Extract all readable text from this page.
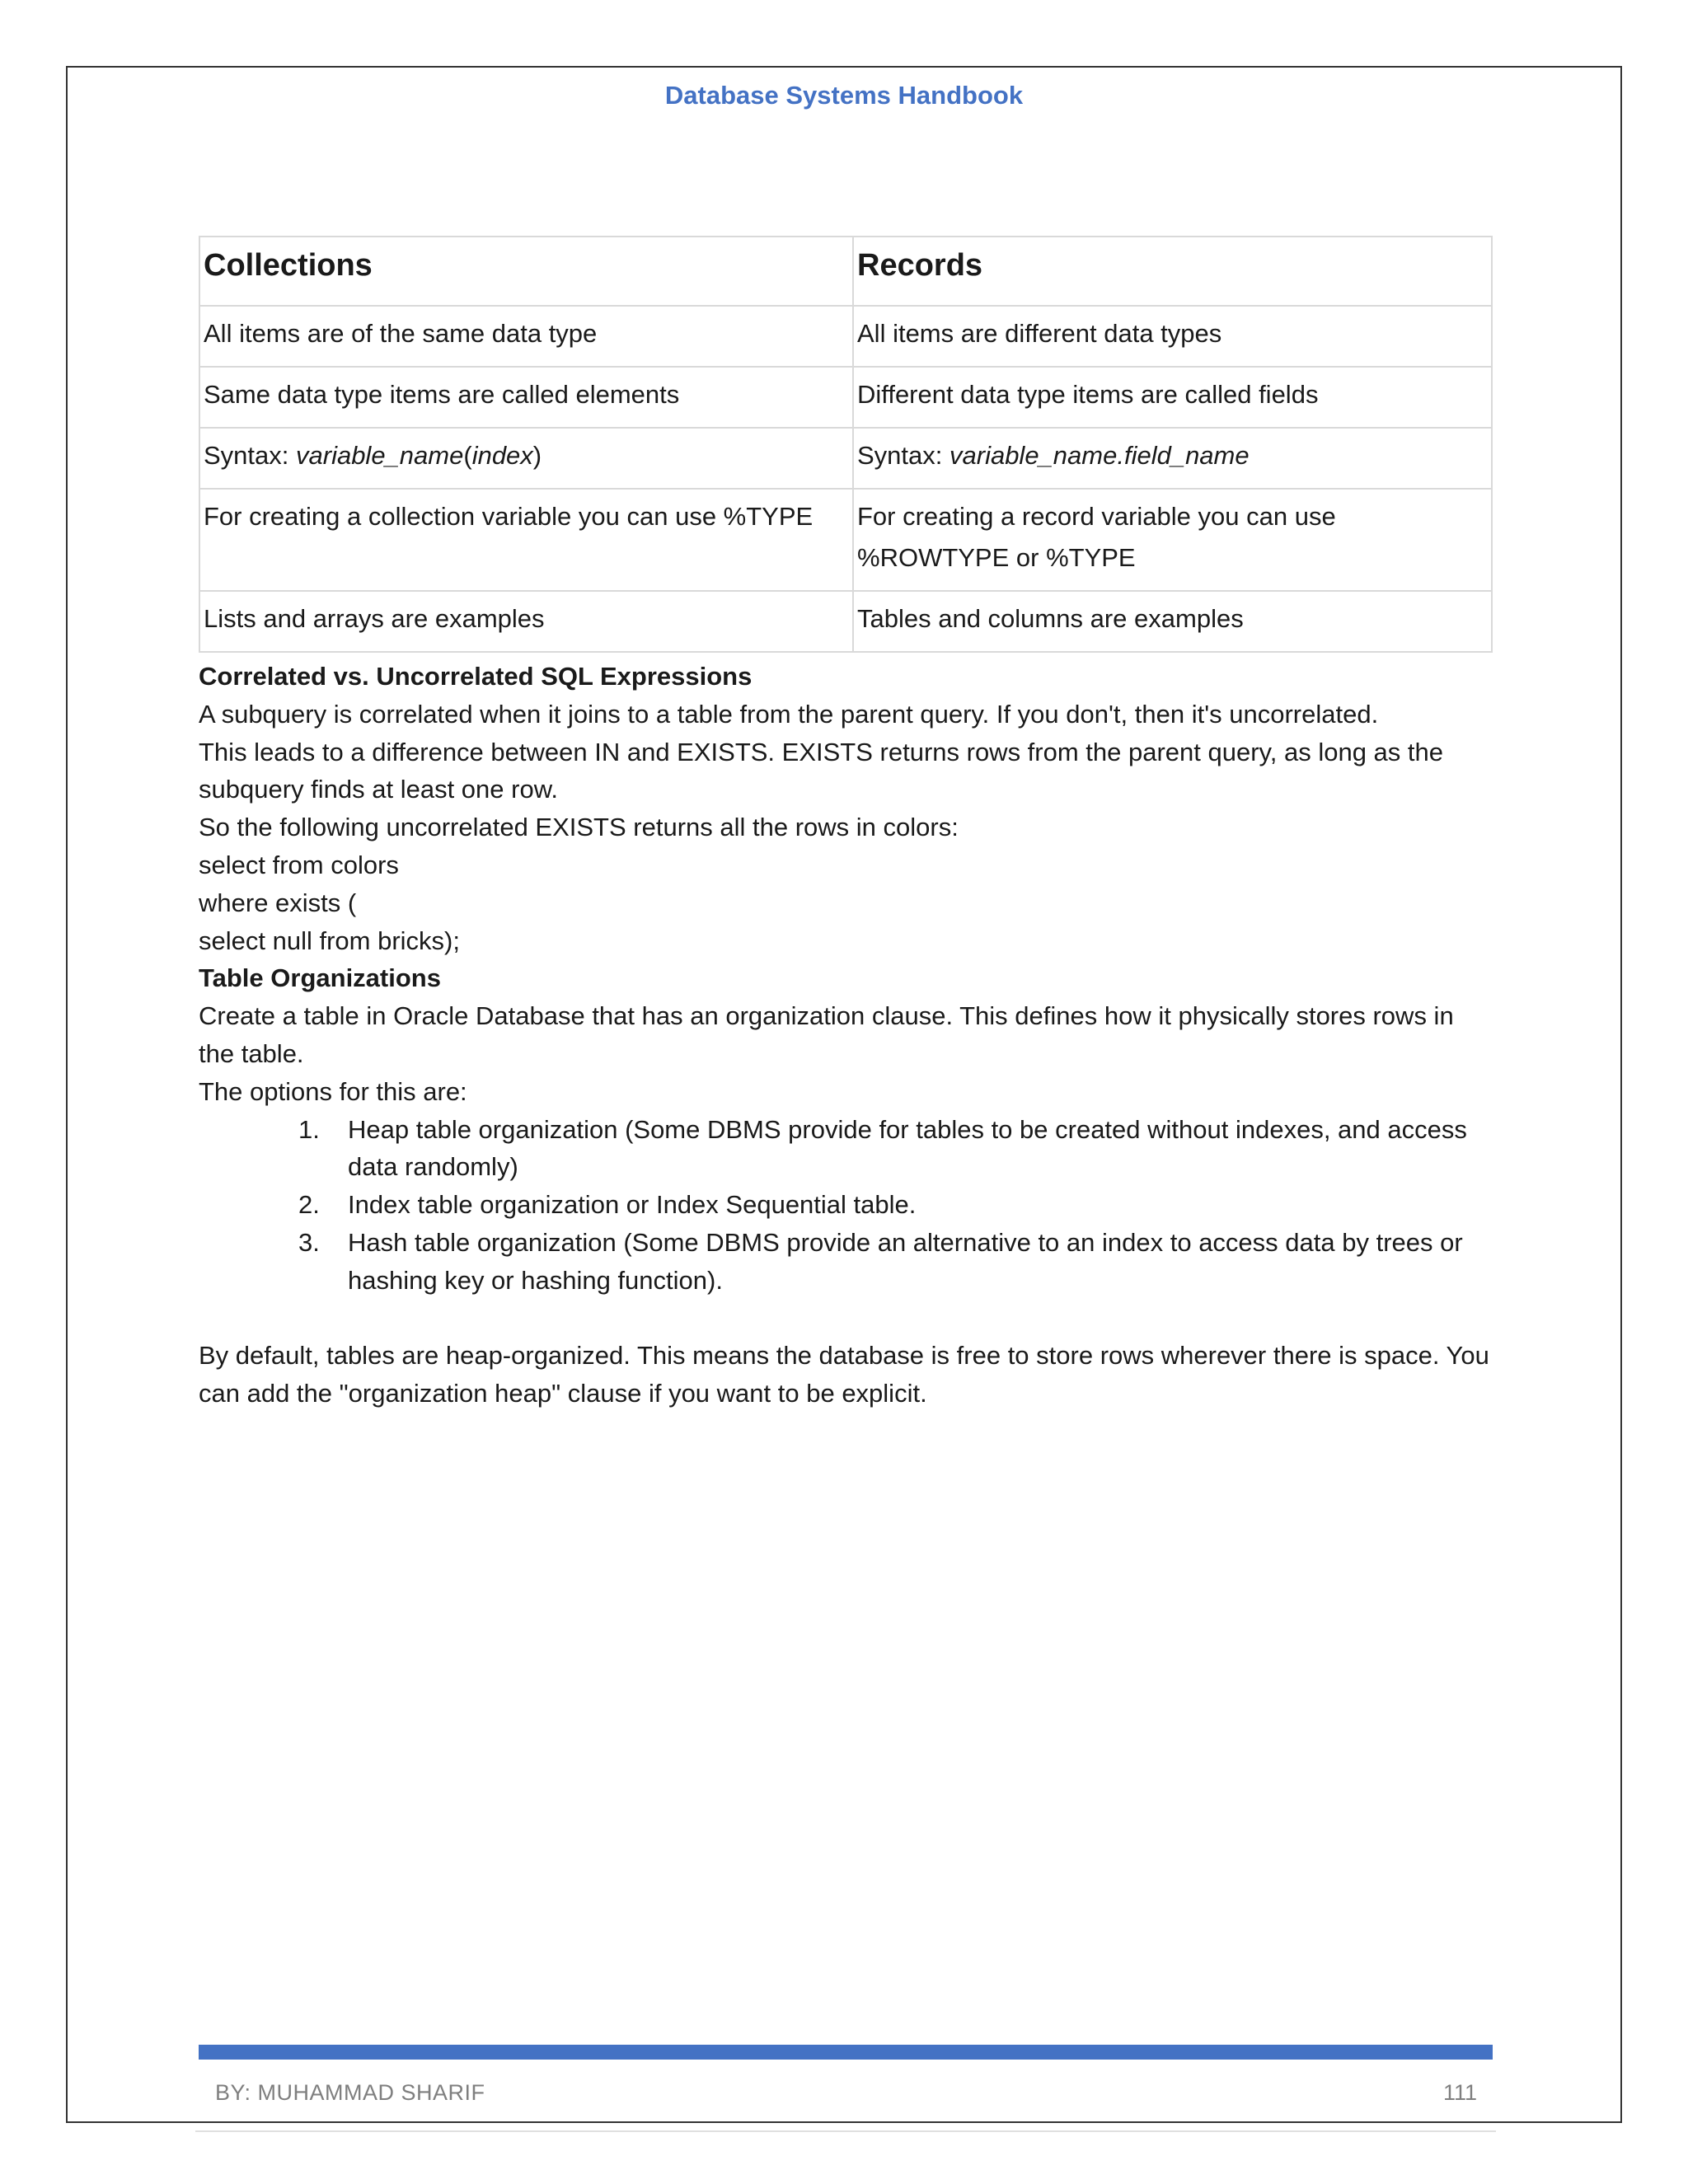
Database Systems Handbook
Collections	Records
All items are of the same data type	All items are different data types
Same data type items are called elements	Different data type items are called fields
Syntax: variable_name(index)	Syntax: variable_name.field_name
For creating a collection variable you can use %TYPE	For creating a record variable you can use %ROWTYPE or %TYPE
Lists and arrays are examples	Tables and columns are examples

Correlated vs. Uncorrelated SQL Expressions

A subquery is correlated when it joins to a table from the parent query. If you don't, then it's uncorrelated.

This leads to a difference between IN and EXISTS. EXISTS returns rows from the parent query, as long as the subquery finds at least one row.

So the following uncorrelated EXISTS returns all the rows in colors:

select from colors

where exists (

select null from bricks);

Table Organizations

Create a table in Oracle Database that has an organization clause. This defines how it physically stores rows in the table.

The options for this are:

1. Heap table organization (Some DBMS provide for tables to be created without indexes, and access data randomly)
2. Index table organization or Index Sequential table.
3. Hash table organization (Some DBMS provide an alternative to an index to access data by trees or hashing key or hashing function).

By default, tables are heap-organized. This means the database is free to store rows wherever there is space. You can add the "organization heap" clause if you want to be explicit.

BY: MUHAMMAD SHARIF	111
